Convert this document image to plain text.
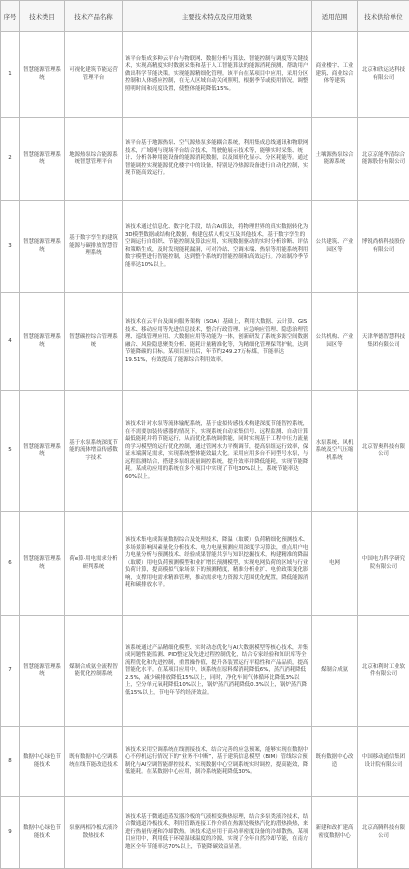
序号	技术类目	技术产品名称	主要技术特点及应用效果	适用范围	技术供给单位
1	智慧能源管理系统	可视化建筑节能运营管理平台	该平台集成多种云平台与物联网、数据分析与算法、智能控制与调度等关键技术，实现高精度实时数据采集和基于人工智能算法的能源消耗预测，帮助用户做出科学节能决策。实现能源精细化管理。该平台在某项目中应用，采用分区控制和人体感应控制，在无人区域自动关闭照明，根据季节或使用情况，调整照明时间和亮度设置，使整体能耗降低15%。	商业楼宇、工业建筑、商业综合体等建筑	北京和欣运达科技有限公司
2	智慧能源管理系统	地源热泵综合能源系统智慧管理平台	该平台基于地源热泵、空气源热泵多能耦合系统，利用集成总线通讯和物联网技术，广域网与现场平台结合技术，驾驶舱展示技术等，能够实时采集、统计、分析各种用能设备的能源消耗数据，以及图形化显示、分区耗能等。通过智能调控实现能源优化楼宇中的设备，特别是冷热源设备进行自动化控制，实现节能高效运行。	土壤源热泵综合能源系统	北京京能华清综合能源股份有限公司
3	智慧能源管理系统	基于数字孪生的建筑能源与碳排放智慧管理系统	该技术通过信息化、数字化手段，结合AI算法，将物理世界的真实数据转化为3D模型数据或结构化数据，构建包括人机交互及其他技术，基于数字孪生的空调运行自组织、节能控制及算法应用，实现数据驱动的实时分析诊断、评估和策略生成，及时发现能耗漏洞，可对冷站、空调末端、热泵等用能系统利用数字模型进行智能控制，达到整个系统的智能控制和高效运行。冷站制冷季节能率达10%以上。	公共建筑、产业园区等	博锐尚格科技股份有限公司
4	智慧能源管理系统	智慧碳控综合管理系统	该技术在云平台及面向服务架构（SOA）基础上，利用大数据、云计算、GIS技术、移动应用等先进信息技术，整合行政管理、应急响应管理、隐患治理管理、巡线管理应用、大数据应用等功能为一体，创新研发了系统多源空间数据融合、风险隐患聚类分析、能耗计量精准化等，为精细化管理保驾护航，达到节能降碳的目标。某项目应用后，年节约249.27万标煤，节能率达19.51%，有效提高了能源综合利用效率。	公共机构、产业园区等	天津华德智慧科技集团有限公司
5	智慧能源管理系统	基于水泵系统深度节能的流体增益传感数字技术	该技术针对水泵等流体输配系统，基于虚拟传感技术构建深度节能智控系统，在不需要加装传感器的情况下，实现系统自动采集信号、远程监测、自动计算最低能耗并将节能运行，从而优化系统调供能，同时实现基于工程中压力流量的学习模型的运行优化控制，通过管网水力平衡调节，提高泵组运行效率，保证末端满足需求，实现系统整体能效最大化。采用应用多台不同型号水泵，与远程监测结合，搭建多泵组流量调控系统，提升效率并降低能耗，实现节能降耗。某成功应用的系统在多个项目中实现了节电30%以上，系统节能率达60%以上。	水泵系统、风机系统及空气压缩机系统	北京智奥科技有限公司
6	智慧能源管理系统	荷e算·用电需求分析研判系统	该技术集电成海量数据综合及处理技术，降温（取暖）负荷精细化预测技术、多场景影响因素量化分析技术、电力电量预测应用深度学习算法，重点用户电力电量分析与预测技术、经验成果智能共享与知识挖掘技术，构建精准的降温（取暖）用电负荷预测模型和业扩增长预测模型，实现电网负荷的区域与行业负荷计算，提高模拟气象场景下的预测精度，精准分析业扩、电价政策变化影响，支撑用电需求精准管理，推动需求电力资源大范围优化配置，降低能源消耗和碳排放水平。	电网	中国电力科学研究院有限公司
7	智慧能源管理系统	煤制合成氨全流程智能优化控制系统	该系统通过产品精细化模型、实时动态优化与AI大数据模型等核心技术，并集成问题性能监测、PID整定及先进过程控制优化，结合专家经验和知识库等全流程优化和先进控制，重置操作值，提升各装置运行平稳性和产品品质，提高智能化水平。在某项目应用中，该系统在原料煤消耗降低6%，蒸汽消耗降低2.5%，减少碳排放降低15%以上，同时，净化车间气体循环比降低3%以上，空分单元氧耗降低10%以上，锅炉蒸汽消耗降低0.3%以上，锅炉蒸汽降低15%以上，节电年节约经济效益。	煤制合成氨	北京和利时工业软件有限公司
8	数据中心绿色节能技术	既有数据中心空调系统在线节能改造技术	该技术采用空调系统在线割接技术，结合完善的应急预案，能够实现在数据中心不停机运行情况下的“业务不中断”，基于建筑信息模型（BIM）管线综合预制化与AI空调智能群控技术，实现数据中心空调系统实时调控，提高能效，降低能耗。在某数据中心应用，制冷系统能耗降低30%。	既有数据中心改造	中国移动通信集团设计院有限公司
9	数据中心绿色节能技术	泵驱两相冷板式液冷散热技术	该技术基于微通道蒸发器冷板的气液相变换热原理，结合多泵类液冷技术，结合微通道冷板技术，利用管路连接工作介质在热源处吸热汽化的潜热换热，来进行热量传递和冷却散热。该技术适应用于高功率密度设备的冷却散热，某项目应用中，利用低于环境湿球温度的冷源，实现了全年自然冷却节能，在南方地区全年节能率达70%以上，节能降碳效益显著。	新建和改扩建高密度数据中心	北京高腾科技有限公司
